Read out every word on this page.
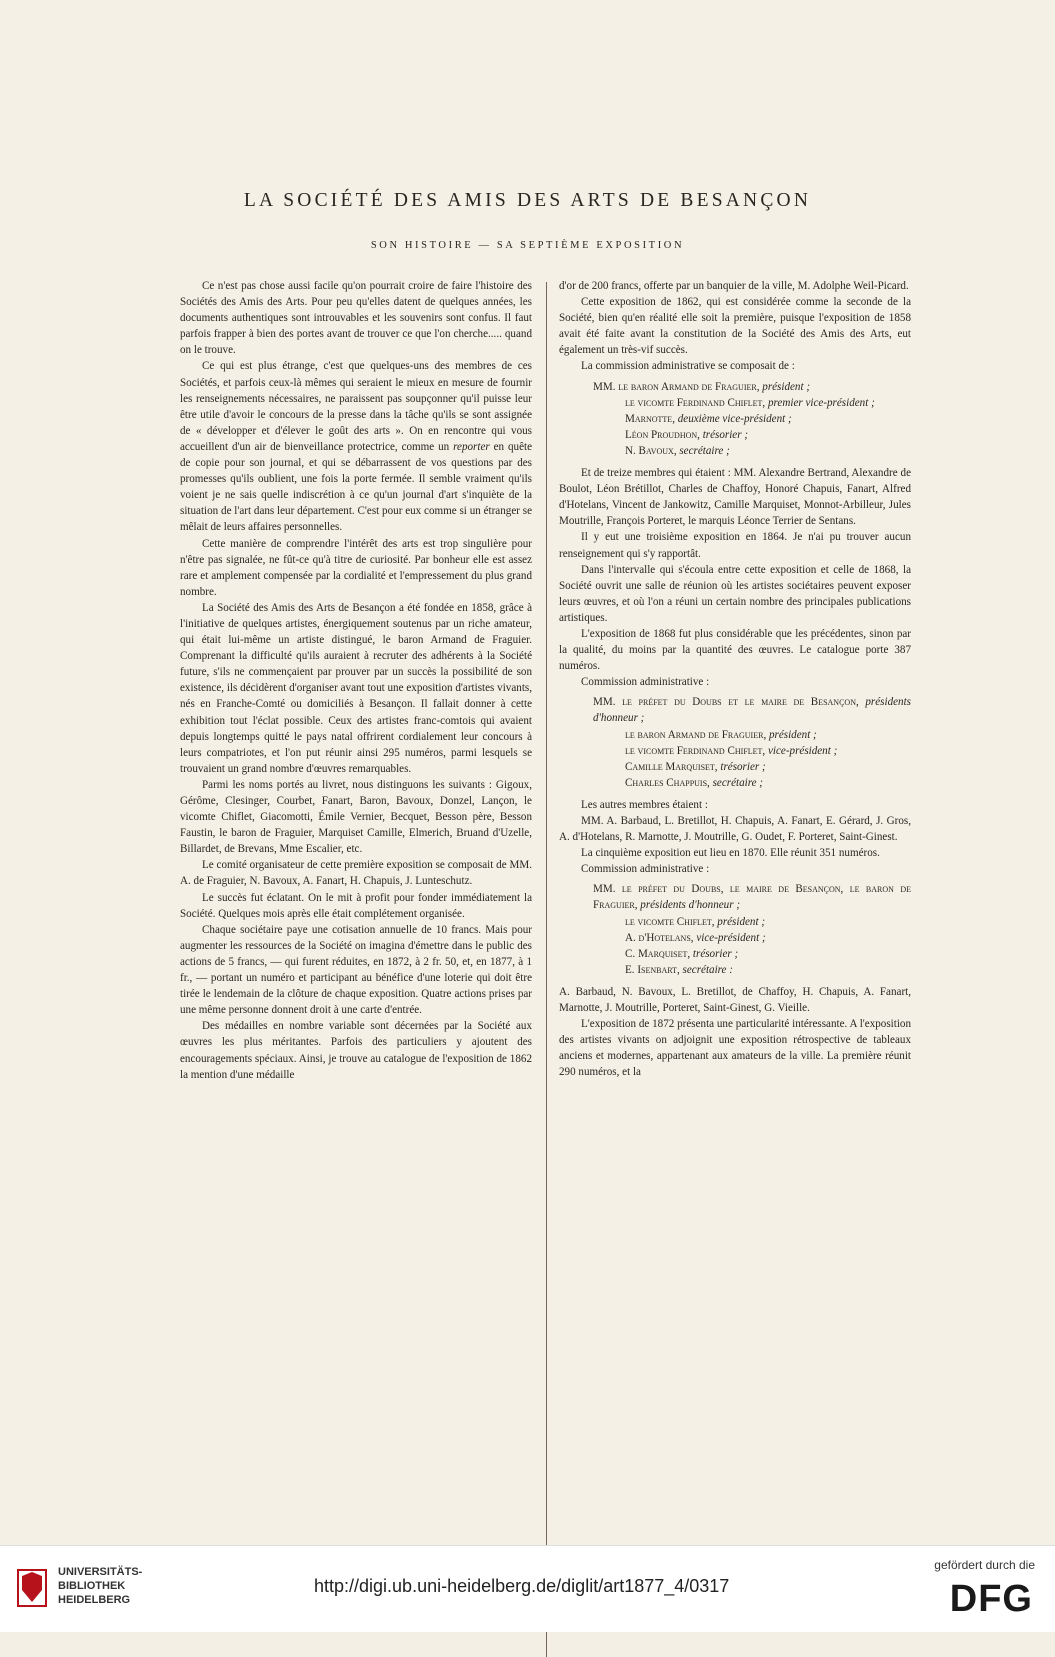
LA SOCIÉTÉ DES AMIS DES ARTS DE BESANÇON
SON HISTOIRE — SA SEPTIÈME EXPOSITION

Ce n'est pas chose aussi facile qu'on pourrait croire de faire l'histoire des Sociétés des Amis des Arts. Pour peu qu'elles datent de quelques années, les documents authentiques sont introuvables et les souvenirs sont confus. Il faut parfois frapper à bien des portes avant de trouver ce que l'on cherche..... quand on le trouve.

Ce qui est plus étrange, c'est que quelques-uns des membres de ces Sociétés, et parfois ceux-là mêmes qui seraient le mieux en mesure de fournir les renseignements nécessaires, ne paraissent pas soupçonner qu'il puisse leur être utile d'avoir le concours de la presse dans la tâche qu'ils se sont assignée de « développer et d'élever le goût des arts ». On en rencontre qui vous accueillent d'un air de bienveillance protectrice, comme un reporter en quête de copie pour son journal, et qui se débarrassent de vos questions par des promesses qu'ils oublient, une fois la porte fermée. Il semble vraiment qu'ils voient je ne sais quelle indiscrétion à ce qu'un journal d'art s'inquiète de la situation de l'art dans leur département. C'est pour eux comme si un étranger se mêlait de leurs affaires personnelles.

Cette manière de comprendre l'intérêt des arts est trop singulière pour n'être pas signalée, ne fût-ce qu'à titre de curiosité. Par bonheur elle est assez rare et amplement compensée par la cordialité et l'empressement du plus grand nombre.

La Société des Amis des Arts de Besançon a été fondée en 1858, grâce à l'initiative de quelques artistes, énergiquement soutenus par un riche amateur, qui était lui-même un artiste distingué, le baron Armand de Fraguier. Comprenant la difficulté qu'ils auraient à recruter des adhérents à la Société future, s'ils ne commençaient par prouver par un succès la possibilité de son existence, ils décidèrent d'organiser avant tout une exposition d'artistes vivants, nés en Franche-Comté ou domiciliés à Besançon. Il fallait donner à cette exhibition tout l'éclat possible. Ceux des artistes franc-comtois qui avaient depuis longtemps quitté le pays natal offrirent cordialement leur concours à leurs compatriotes, et l'on put réunir ainsi 295 numéros, parmi lesquels se trouvaient un grand nombre d'œuvres remarquables.

Parmi les noms portés au livret, nous distinguons les suivants : Gigoux, Gérôme, Clesinger, Courbet, Fanart, Baron, Bavoux, Donzel, Lançon, le vicomte Chiflet, Giacomotti, Émile Vernier, Becquet, Besson père, Besson Faustin, le baron de Fraguier, Marquiset Camille, Elmerich, Bruand d'Uzelle, Billardet, de Brevans, Mme Escalier, etc.

Le comité organisateur de cette première exposition se composait de MM. A. de Fraguier, N. Bavoux, A. Fanart, H. Chapuis, J. Lunteschutz.

Le succès fut éclatant. On le mit à profit pour fonder immédiatement la Société. Quelques mois après elle était complétement organisée.

Chaque sociétaire paye une cotisation annuelle de 10 francs. Mais pour augmenter les ressources de la Société on imagina d'émettre dans le public des actions de 5 francs, — qui furent réduites, en 1872, à 2 fr. 50, et, en 1877, à 1 fr., — portant un numéro et participant au bénéfice d'une loterie qui doit être tirée le lendemain de la clôture de chaque exposition. Quatre actions prises par une même personne donnent droit à une carte d'entrée.

Des médailles en nombre variable sont décernées par la Société aux œuvres les plus méritantes. Parfois des particuliers y ajoutent des encouragements spéciaux. Ainsi, je trouve au catalogue de l'exposition de 1862 la mention d'une médaille

d'or de 200 francs, offerte par un banquier de la ville, M. Adolphe Weil-Picard.

Cette exposition de 1862, qui est considérée comme la seconde de la Société, bien qu'en réalité elle soit la première, puisque l'exposition de 1858 avait été faite avant la constitution de la Société des Amis des Arts, eut également un très-vif succès.

La commission administrative se composait de :

MM. le baron Armand de Fraguier, président ;
le vicomte Ferdinand Chiflet, premier vice-président ;
Marnotte, deuxième vice-président ;
Léon Proudhon, trésorier ;
N. Bavoux, secrétaire ;

Et de treize membres qui étaient : MM. Alexandre Bertrand, Alexandre de Boulot, Léon Brétillot, Charles de Chaffoy, Honoré Chapuis, Fanart, Alfred d'Hotelans, Vincent de Jankowitz, Camille Marquiset, Monnot-Arbilleur, Jules Moutrille, François Porteret, le marquis Léonce Terrier de Sentans.

Il y eut une troisième exposition en 1864. Je n'ai pu trouver aucun renseignement qui s'y rapportât.

Dans l'intervalle qui s'écoula entre cette exposition et celle de 1868, la Société ouvrit une salle de réunion où les artistes sociétaires peuvent exposer leurs œuvres, et où l'on a réuni un certain nombre des principales publications artistiques.

L'exposition de 1868 fut plus considérable que les précédentes, sinon par la qualité, du moins par la quantité des œuvres. Le catalogue porte 387 numéros.

Commission administrative :

MM. le préfet du Doubs et le maire de Besançon, présidents d'honneur ;
le baron Armand de Fraguier, président ;
le vicomte Ferdinand Chiflet, vice-président ;
Camille Marquiset, trésorier ;
Charles Chappuis, secrétaire ;

Les autres membres étaient :

MM. A. Barbaud, L. Bretillot, H. Chapuis, A. Fanart, E. Gérard, J. Gros, A. d'Hotelans, R. Marnotte, J. Moutrille, G. Oudet, F. Porteret, Saint-Ginest.

La cinquième exposition eut lieu en 1870. Elle réunit 351 numéros.

Commission administrative :

MM. le préfet du Doubs, le maire de Besançon, le baron de Fraguier, présidents d'honneur ;
le vicomte Chiflet, président ;
A. d'Hotelans, vice-président ;
C. Marquiset, trésorier ;
E. Isenbart, secrétaire :

A. Barbaud, N. Bavoux, L. Bretillot, de Chaffoy, H. Chapuis, A. Fanart, Marnotte, J. Moutrille, Porteret, Saint-Ginest, G. Vieille.

L'exposition de 1872 présenta une particularité intéressante. A l'exposition des artistes vivants on adjoignit une exposition rétrospective de tableaux anciens et modernes, appartenant aux amateurs de la ville. La première réunit 290 numéros, et la

UNIVERSITÄTS-
BIBLIOTHEK
HEIDELBERG
http://digi.ub.uni-heidelberg.de/diglit/art1877_4/0317
gefördert durch die
DFG
